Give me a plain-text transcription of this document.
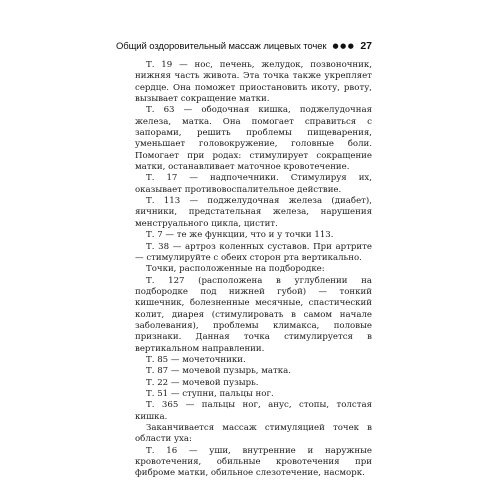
Общий оздоровительный массаж лицевых точек ●●● 27

Т. 19 — нос, печень, желудок, позвоночник, нижняя часть живота. Эта точка также укрепляет сердце. Она поможет приостановить икоту, рвоту, вызывает сокращение матки.

Т. 63 — ободочная кишка, поджелудочная железа, матка. Она помогает справиться с запорами, решить проблемы пищеварения, уменьшает головокружение, головные боли. Помогает при родах: стимулирует сокращение матки, останавливает маточное кровотечение.

Т. 17 — надпочечники. Стимулируя их, оказывает противовоспалительное действие.

Т. 113 — поджелудочная железа (диабет), яичники, предстательная железа, нарушения менструального цикла, цистит.

Т. 7 — те же функции, что и у точки 113.

Т. 38 — артроз коленных суставов. При артрите — стимулируйте с обеих сторон рта вертикально.

Точки, расположенные на подбородке:

Т. 127 (расположена в углублении на подбородке под нижней губой) — тонкий кишечник, болезненные месячные, спастический колит, диарея (стимулировать в самом начале заболевания), проблемы климакса, половые признаки. Данная точка стимулируется в вертикальном направлении.

Т. 85 — мочеточники.

Т. 87 — мочевой пузырь, матка.

Т. 22 — мочевой пузырь.

Т. 51 — ступни, пальцы ног.

Т. 365 — пальцы ног, анус, стопы, толстая кишка.

Заканчивается массаж стимуляцией точек в области уха:

Т. 16 — уши, внутренние и наружные кровотечения, обильные кровотечения при фиброме матки, обильное слезотечение, насморк.
